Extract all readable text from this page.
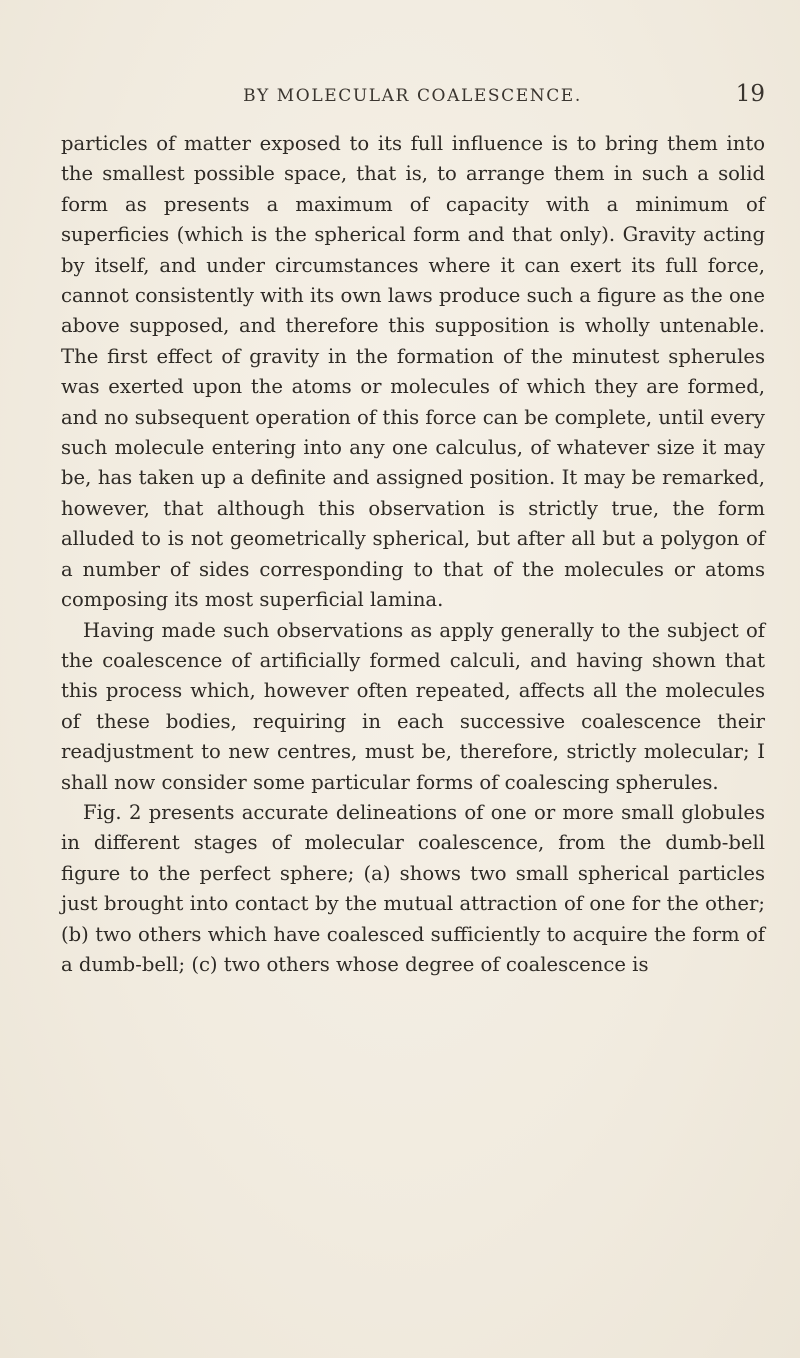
BY MOLECULAR COALESCENCE.	19

particles of matter exposed to its full influence is to bring them into the smallest possible space, that is, to arrange them in such a solid form as presents a maximum of capacity with a minimum of superficies (which is the spherical form and that only). Gravity acting by itself, and under circumstances where it can exert its full force, cannot consistently with its own laws produce such a figure as the one above supposed, and therefore this supposition is wholly untenable. The first effect of gravity in the formation of the minutest spherules was exerted upon the atoms or molecules of which they are formed, and no subsequent operation of this force can be complete, until every such molecule entering into any one calculus, of whatever size it may be, has taken up a definite and assigned position. It may be remarked, however, that although this observation is strictly true, the form alluded to is not geometrically spherical, but after all but a polygon of a number of sides corresponding to that of the molecules or atoms composing its most superficial lamina.

Having made such observations as apply generally to the subject of the coalescence of artificially formed calculi, and having shown that this process which, however often repeated, affects all the molecules of these bodies, requiring in each successive coalescence their readjustment to new centres, must be, therefore, strictly molecular; I shall now consider some particular forms of coalescing spherules.

Fig. 2 presents accurate delineations of one or more small globules in different stages of molecular coalescence, from the dumb-bell figure to the perfect sphere; (a) shows two small spherical particles just brought into contact by the mutual attraction of one for the other; (b) two others which have coalesced sufficiently to acquire the form of a dumb-bell; (c) two others whose degree of coalescence is
